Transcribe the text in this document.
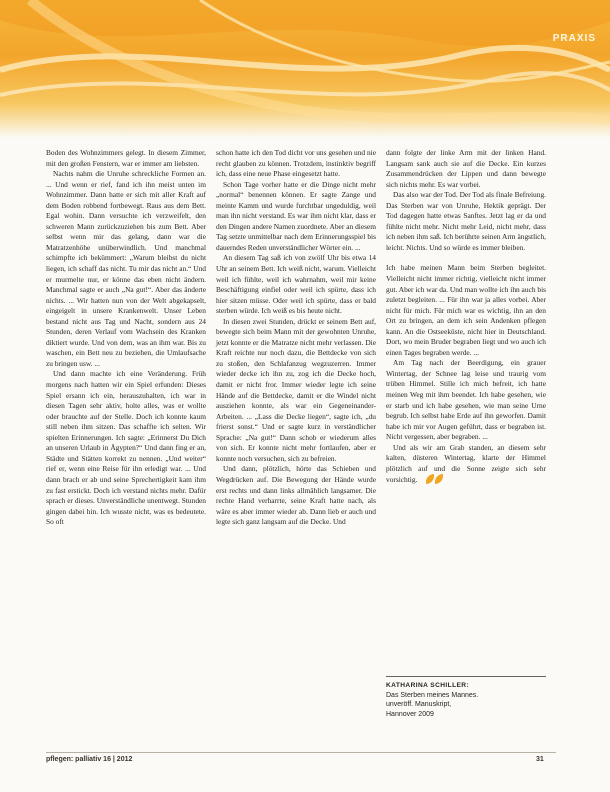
PRAXIS

Boden des Wohnzimmers gelegt. In diesem Zimmer, mit den großen Fenstern, war er immer am liebsten.

Nachts nahm die Unruhe schreckliche Formen an. ... Und wenn er rief, fand ich ihn meist unten im Wohnzimmer. Dann hatte er sich mit aller Kraft auf dem Boden robbend fortbewegt. Raus aus dem Bett. Egal wohin. Dann versuchte ich verzweifelt, den schweren Mann zurückzuziehen bis zum Bett. Aber selbst wenn mir das gelang, dann war die Matratzenhöhe unüberwindlich. Und manchmal schimpfte ich bekümmert: „Warum bleibst du nicht liegen, ich schaff das nicht. Tu mir das nicht an.“ Und er murmelte nur, er könne das eben nicht ändern. Manchmal sagte er auch „Na gut!“. Aber das änderte nichts. ... Wir hatten nun von der Welt abgekapselt, eingeigelt in unsere Krankenwelt. Unser Leben bestand nicht aus Tag und Nacht, sondern aus 24 Stunden, deren Verlauf vom Wachsein des Kranken diktiert wurde. Und von dem, was an ihm war. Bis zu waschen, ein Bett neu zu beziehen, die Umlaufsache zu bringen usw. ...

Und dann machte ich eine Veränderung. Früh morgens nach hatten wir ein Spiel erfunden: Dieses Spiel ersann ich ein, herauszuhalten, ich war in diesen Tagen sehr aktiv, holte alles, was er wollte oder brauchte auf der Stelle. Doch ich konnte kaum still neben ihm sitzen. Das schaffte ich selten. Wir spielten Erinnerungen. Ich sagte: „Erinnerst Du Dich an unseren Urlaub in Ägypten?“ Und dann fing er an, Städte und Stätten korrekt zu nennen. „Und weiter“ rief er, wenn eine Reise für ihn erledigt war. ... Und dann brach er ab und seine Sprechertigkeit kam ihm zu fast erstickt. Doch ich verstand nichts mehr. Dafür sprach er dieses. Unverständliche unentwegt. Stunden gingen dabei hin. Ich wusste nicht, was es bedeutete. So oft

schon hatte ich den Tod dicht vor uns gesehen und nie recht glauben zu können. Trotzdem, instinktiv begriff ich, dass eine neue Phase eingesetzt hatte.

Schon Tage vorher hatte er die Dinge nicht mehr „normal“ benennen können. Er sagte Zange und meinte Kamm und wurde furchtbar ungeduldig, weil man ihn nicht verstand. Es war ihm nicht klar, dass er den Dingen andere Namen zuordnete. Aber an diesem Tag setzte unmittelbar nach dem Erinnerungsspiel bis dauerndes Reden unverständlicher Wörter ein. ...

An diesem Tag saß ich von zwölf Uhr bis etwa 14 Uhr an seinem Bett. Ich weiß nicht, warum. Vielleicht weil ich fühlte, weil ich wahrnahm, weil mir keine Beschäftigung einfiel oder weil ich spürte, dass ich hier sitzen müsse. Oder weil ich spürte, dass er bald sterben würde. Ich weiß es bis heute nicht.

In diesen zwei Stunden, drückt er seinem Bett auf, bewegte sich beim Mann mit der gewohnten Unruhe, jetzt konnte er die Matratze nicht mehr verlassen. Die Kraft reichte nur noch dazu, die Bettdecke von sich zu stoßen, den Schlafanzug wegzuzerren. Immer wieder decke ich ihn zu, zog ich die Decke hoch, damit er nicht fror. Immer wieder legte ich seine Hände auf die Bettdecke, damit er die Windel nicht ausziehen konnte, als war ein Gegeneinander-Arbeiten. ... „Lass die Decke liegen“, sagte ich, „du frierst sonst.“ Und er sagte kurz in verständlicher Sprache: „Na gut!“ Dann schob er wiederum alles von sich. Er konnte nicht mehr fortlaufen, aber er konnte noch versuchen, sich zu befreien.

Und dann, plötzlich, hörte das Schieben und Wegdrücken auf. Die Bewegung der Hände wurde erst rechts und dann links allmählich langsamer. Die rechte Hand verharrte, seine Kraft hatte nach, als wäre es aber immer wieder ab. Dann lieb er auch und legte sich ganz langsam auf die Decke. Und

dann folgte der linke Arm mit der linken Hand. Langsam sank auch sie auf die Decke. Ein kurzes Zusammendrücken der Lippen und dann bewegte sich nichts mehr. Es war vorbei.

Das also war der Tod. Der Tod als finale Befreiung. Das Sterben war von Unruhe, Hektik geprägt. Der Tod dagegen hatte etwas Sanftes. Jetzt lag er da und fühlte nicht mehr. Nicht mehr Leid, nicht mehr, dass ich neben ihm saß. Ich berührte seinen Arm ängstlich, leicht. Nichts. Und so würde es immer bleiben.

Ich habe meinen Mann beim Sterben begleitet. Vielleicht nicht immer richtig, vielleicht nicht immer gut. Aber ich war da. Und man wollte ich ihn auch bis zuletzt begleiten. ... Für ihn war ja alles vorbei. Aber nicht für mich. Für mich war es wichtig, ihn an den Ort zu bringen, an dem ich sein Andenken pflegen kann. An die Ostseeküste, nicht hier in Deutschland. Dort, wo mein Bruder begraben liegt und wo auch ich einen Tages begraben werde. ...

Am Tag nach der Beerdigung, ein grauer Wintertag, der Schnee lag leise und traurig vom trüben Himmel. Stille ich mich befreit, ich hatte meinen Weg mit ihm beendet. Ich habe gesehen, wie er starb und ich habe gesehen, wie man seine Urne begrub. Ich selbst habe Erde auf ihn geworfen. Damit habe ich mir vor Augen geführt, dass er begraben ist. Nicht vergessen, aber begraben. ...

Und als wir am Grab standen, an diesem sehr kalten, düsteren Wintertag, klarte der Himmel plötzlich auf und die Sonne zeigte sich sehr vorsichtig.

KATHARINA SCHILLER:
Das Sterben meines Mannes.
unveröff. Manuskript,
Hannover 2009
pflegen: palliativ 16 | 2012	31
